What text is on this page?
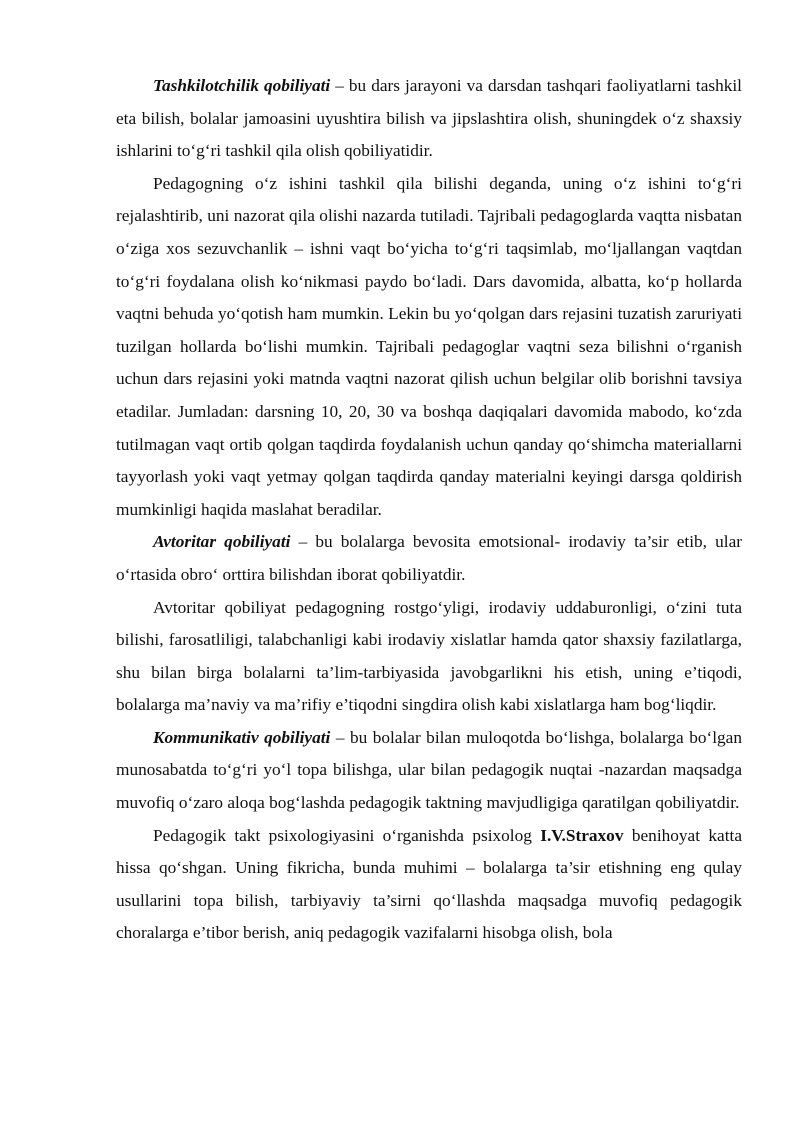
Tashkilotchilik qobiliyati – bu dars jarayoni va darsdan tashqari faoliyatlarni tashkil eta bilish, bolalar jamoasini uyushtira bilish va jipslashtira olish, shuningdek o‘z shaxsiy ishlarini to‘g‘ri tashkil qila olish qobiliyatidir.

Pedagogning o‘z ishini tashkil qila bilishi deganda, uning o‘z ishini to‘g‘ri rejalashtirib, uni nazorat qila olishi nazarda tutiladi. Tajribali pedagoglarda vaqtta nisbatan o‘ziga xos sezuvchanlik – ishni vaqt bo‘yicha to‘g‘ri taqsimlab, mo‘ljallangan vaqtdan to‘g‘ri foydalana olish ko‘nikmasi paydo bo‘ladi. Dars davomida, albatta, ko‘p hollarda vaqtni behuda yo‘qotish ham mumkin. Lekin bu yo‘qolgan dars rejasini tuzatish zaruriyati tuzilgan hollarda bo‘lishi mumkin. Tajribali pedagoglar vaqtni seza bilishni o‘rganish uchun dars rejasini yoki matnda vaqtni nazorat qilish uchun belgilar olib borishni tavsiya etadilar. Jumladan: darsning 10, 20, 30 va boshqa daqiqalari davomida mabodo, ko‘zda tutilmagan vaqt ortib qolgan taqdirda foydalanish uchun qanday qo‘shimcha materiallarni tayyorlash yoki vaqt yetmay qolgan taqdirda qanday materialni keyingi darsga qoldirish mumkinligi haqida maslahat beradilar.

Avtoritar qobiliyati – bu bolalarga bevosita emotsional- irodaviy ta’sir etib, ular o‘rtasida obro‘ orttira bilishdan iborat qobiliyatdir.

Avtoritar qobiliyat pedagogning rostgo‘yligi, irodaviy uddaburonligi, o‘zini tuta bilishi, farosatliligi, talabchanligi kabi irodaviy xislatlar hamda qator shaxsiy fazilatlarga, shu bilan birga bolalarni ta’lim-tarbiyasida javobgarlikni his etish, uning e’tiqodi, bolalarga ma’naviy va ma’rifiy e’tiqodni singdira olish kabi xislatlarga ham bog‘liqdir.

Kommunikativ qobiliyati – bu bolalar bilan muloqotda bo‘lishga, bolalarga bo‘lgan munosabatda to‘g‘ri yo‘l topa bilishga, ular bilan pedagogik nuqtai -nazardan maqsadga muvofiq o‘zaro aloqa bog‘lashda pedagogik taktning mavjudligiga qaratilgan qobiliyatdir.

Pedagogik takt psixologiyasini o‘rganishda psixolog I.V.Straxov benihoyat katta hissa qo‘shgan. Uning fikricha, bunda muhimi – bolalarga ta’sir etishning eng qulay usullarini topa bilish, tarbiyaviy ta’sirni qo‘llashda maqsadga muvofiq pedagogik choralarga e’tibor berish, aniq pedagogik vazifalarni hisobga olish, bola
